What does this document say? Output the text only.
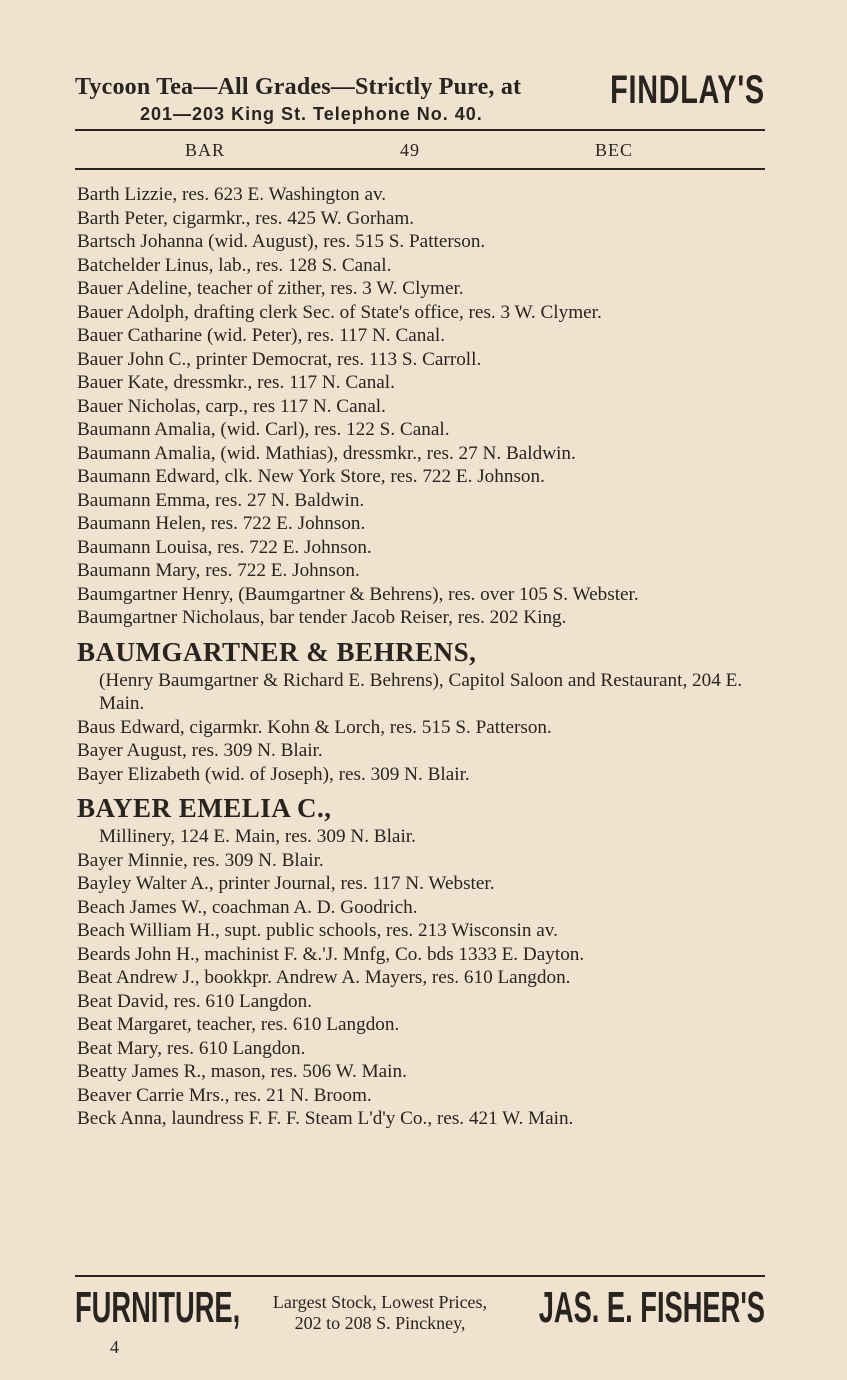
Tycoon Tea—All Grades—Strictly Pure, at
201—203 King St. Telephone No. 40.
FINDLAY'S
BAR	49	BEC

Barth Lizzie, res. 623 E. Washington av.

Barth Peter, cigarmkr., res. 425 W. Gorham.

Bartsch Johanna (wid. August), res. 515 S. Patterson.

Batchelder Linus, lab., res. 128 S. Canal.

Bauer Adeline, teacher of zither, res. 3 W. Clymer.

Bauer Adolph, drafting clerk Sec. of State's office, res. 3 W. Clymer.

Bauer Catharine (wid. Peter), res. 117 N. Canal.

Bauer John C., printer Democrat, res. 113 S. Carroll.

Bauer Kate, dressmkr., res. 117 N. Canal.

Bauer Nicholas, carp., res 117 N. Canal.

Baumann Amalia, (wid. Carl), res. 122 S. Canal.

Baumann Amalia, (wid. Mathias), dressmkr., res. 27 N. Baldwin.

Baumann Edward, clk. New York Store, res. 722 E. Johnson.

Baumann Emma, res. 27 N. Baldwin.

Baumann Helen, res. 722 E. Johnson.

Baumann Louisa, res. 722 E. Johnson.

Baumann Mary, res. 722 E. Johnson.

Baumgartner Henry, (Baumgartner & Behrens), res. over 105 S. Webster.

Baumgartner Nicholaus, bar tender Jacob Reiser, res. 202 King.

BAUMGARTNER & BEHRENS,
(Henry Baumgartner & Richard E. Behrens), Capitol Saloon and Restaurant, 204 E. Main.

Baus Edward, cigarmkr. Kohn & Lorch, res. 515 S. Patterson.

Bayer August, res. 309 N. Blair.

Bayer Elizabeth (wid. of Joseph), res. 309 N. Blair.

BAYER EMELIA C.,
Millinery, 124 E. Main, res. 309 N. Blair.

Bayer Minnie, res. 309 N. Blair.

Bayley Walter A., printer Journal, res. 117 N. Webster.

Beach James W., coachman A. D. Goodrich.

Beach William H., supt. public schools, res. 213 Wisconsin av.

Beards John H., machinist F. &.'J. Mnfg, Co. bds 1333 E. Dayton.

Beat Andrew J., bookkpr. Andrew A. Mayers, res. 610 Langdon.

Beat David, res. 610 Langdon.

Beat Margaret, teacher, res. 610 Langdon.

Beat Mary, res. 610 Langdon.

Beatty James R., mason, res. 506 W. Main.

Beaver Carrie Mrs., res. 21 N. Broom.

Beck Anna, laundress F. F. F. Steam L'd'y Co., res. 421 W. Main.

FURNITURE,	Largest Stock, Lowest Prices,
202 to 208 S. Pinckney,	JAS. E. FISHER'S
4
